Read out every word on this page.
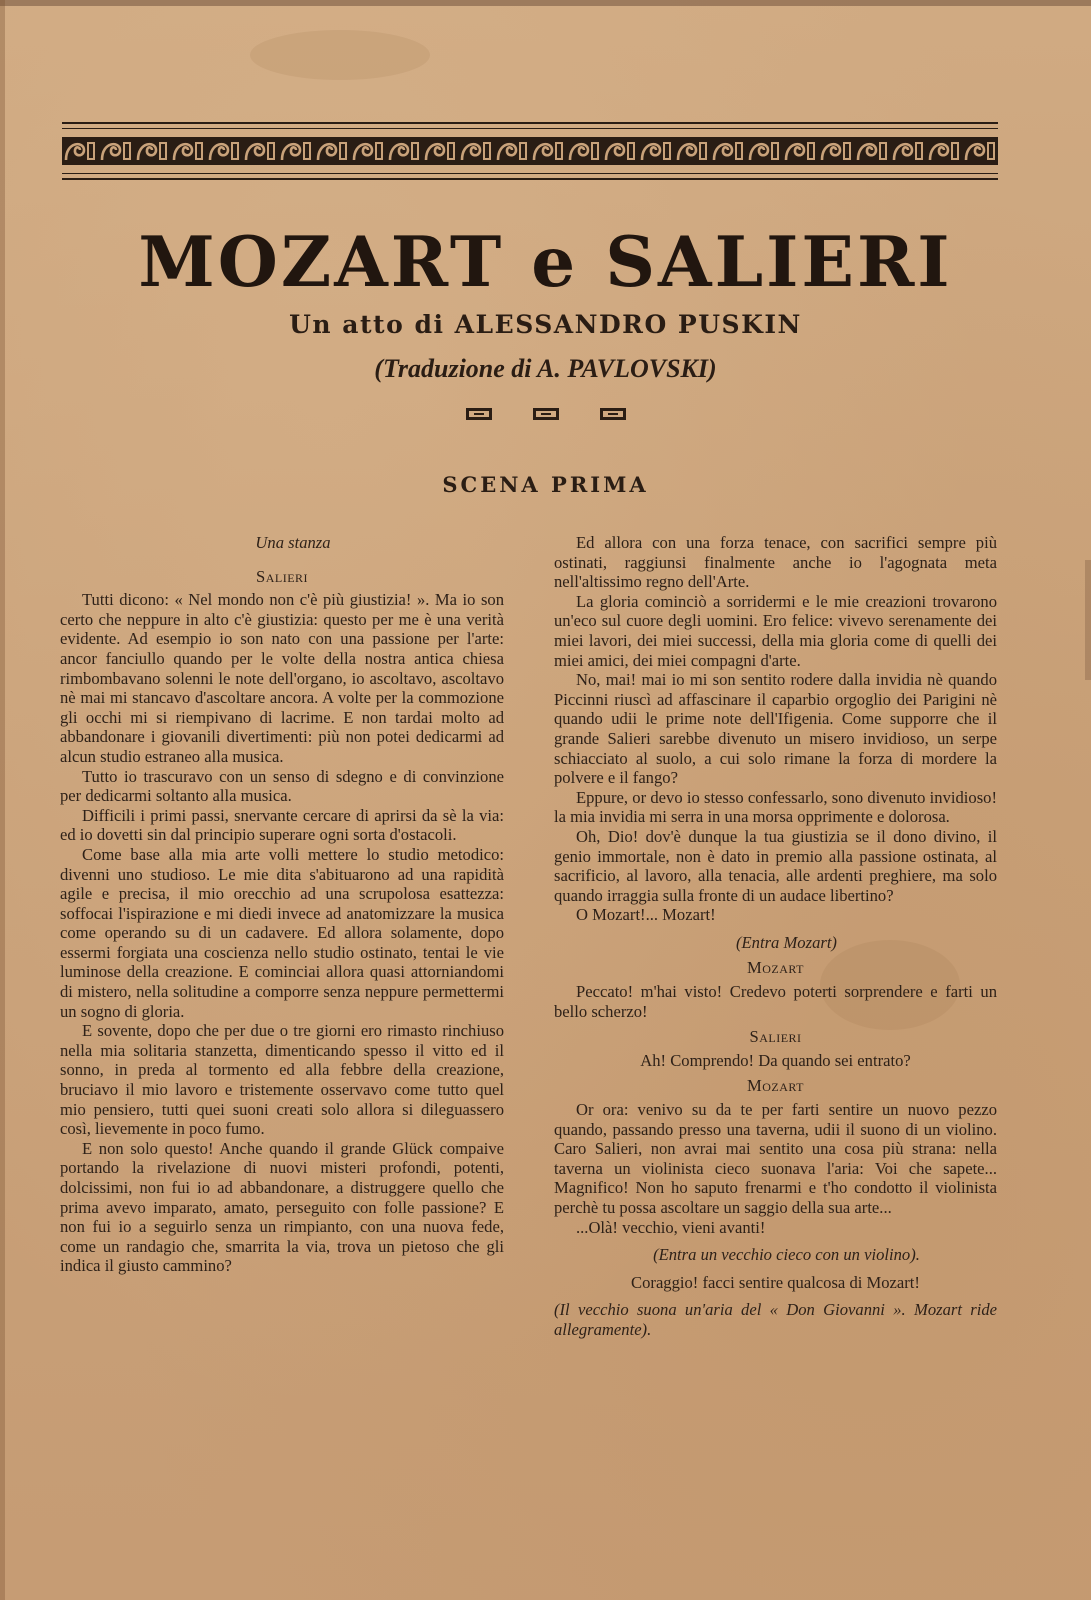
MOZART e SALIERI
Un atto di ALESSANDRO PUSKIN
(Traduzione di A. PAVLOVSKI)
SCENA PRIMA

Una stanza

Salieri

Tutti dicono: « Nel mondo non c'è più giustizia! ». Ma io son certo che neppure in alto c'è giustizia: questo per me è una verità evidente. Ad esempio io son nato con una passione per l'arte: ancor fanciullo quando per le volte della nostra antica chiesa rimbombavano solenni le note dell'organo, io ascoltavo, ascoltavo nè mai mi stancavo d'ascoltare ancora. A volte per la commozione gli occhi mi si riempivano di lacrime. E non tardai molto ad abbandonare i giovanili divertimenti: più non potei dedicarmi ad alcun studio estraneo alla musica.

Tutto io trascuravo con un senso di sdegno e di convinzione per dedicarmi soltanto alla musica.

Difficili i primi passi, snervante cercare di aprirsi da sè la via: ed io dovetti sin dal principio superare ogni sorta d'ostacoli.

Come base alla mia arte volli mettere lo studio metodico: divenni uno studioso. Le mie dita s'abituarono ad una rapidità agile e precisa, il mio orecchio ad una scrupolosa esattezza: soffocai l'ispirazione e mi diedi invece ad anatomizzare la musica come operando su di un cadavere. Ed allora solamente, dopo essermi forgiata una coscienza nello studio ostinato, tentai le vie luminose della creazione. E cominciai allora quasi attorniandomi di mistero, nella solitudine a comporre senza neppure permettermi un sogno di gloria.

E sovente, dopo che per due o tre giorni ero rimasto rinchiuso nella mia solitaria stanzetta, dimenticando spesso il vitto ed il sonno, in preda al tormento ed alla febbre della creazione, bruciavo il mio lavoro e tristemente osservavo come tutto quel mio pensiero, tutti quei suoni creati solo allora si dileguassero così, lievemente in poco fumo.

E non solo questo! Anche quando il grande Glück compaive portando la rivelazione di nuovi misteri profondi, potenti, dolcissimi, non fui io ad abbandonare, a distruggere quello che prima avevo imparato, amato, perseguito con folle passione? E non fui io a seguirlo senza un rimpianto, con una nuova fede, come un randagio che, smarrita la via, trova un pietoso che gli indica il giusto cammino?

Ed allora con una forza tenace, con sacrifici sempre più ostinati, raggiunsi finalmente anche io l'agognata meta nell'altissimo regno dell'Arte.

La gloria cominciò a sorridermi e le mie creazioni trovarono un'eco sul cuore degli uomini. Ero felice: vivevo serenamente dei miei lavori, dei miei successi, della mia gloria come di quelli dei miei amici, dei miei compagni d'arte.

No, mai! mai io mi son sentito rodere dalla invidia nè quando Piccinni riuscì ad affascinare il caparbio orgoglio dei Parigini nè quando udii le prime note dell'Ifigenia. Come supporre che il grande Salieri sarebbe divenuto un misero invidioso, un serpe schiacciato al suolo, a cui solo rimane la forza di mordere la polvere e il fango?

Eppure, or devo io stesso confessarlo, sono divenuto invidioso! la mia invidia mi serra in una morsa opprimente e dolorosa.

Oh, Dio! dov'è dunque la tua giustizia se il dono divino, il genio immortale, non è dato in premio alla passione ostinata, al sacrificio, al lavoro, alla tenacia, alle ardenti preghiere, ma solo quando irraggia sulla fronte di un audace libertino?

O Mozart!... Mozart!

(Entra Mozart)

Mozart

Peccato! m'hai visto! Credevo poterti sorprendere e farti un bello scherzo!

Salieri

Ah! Comprendo! Da quando sei entrato?

Mozart

Or ora: venivo su da te per farti sentire un nuovo pezzo quando, passando presso una taverna, udii il suono di un violino. Caro Salieri, non avrai mai sentito una cosa più strana: nella taverna un violinista cieco suonava l'aria: Voi che sapete... Magnifico! Non ho saputo frenarmi e t'ho condotto il violinista perchè tu possa ascoltare un saggio della sua arte...

...Olà! vecchio, vieni avanti!

(Entra un vecchio cieco con un violino).

Coraggio! facci sentire qualcosa di Mozart!

(Il vecchio suona un'aria del « Don Giovanni ». Mozart ride allegramente).
